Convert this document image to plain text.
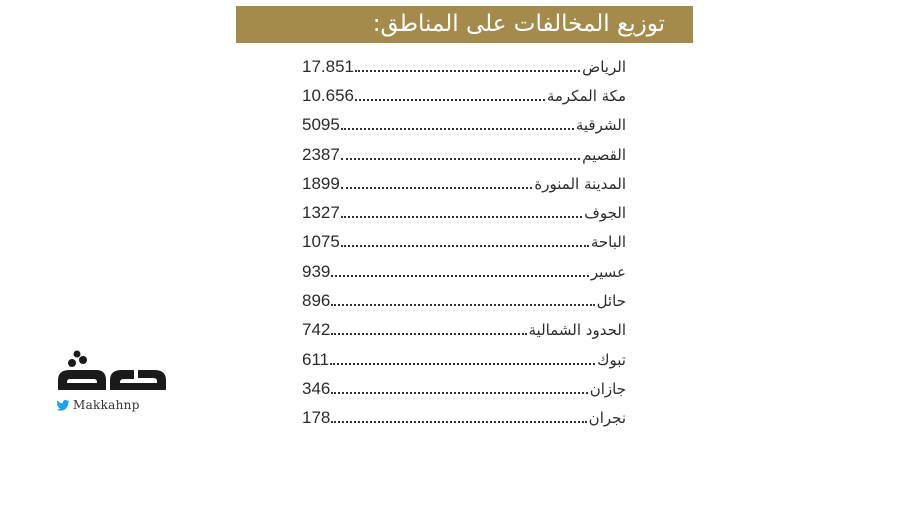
توزيع المخالفات على المناطق:
17.851	الرياض
10.656	مكة المكرمة
5095	الشرقية
2387	القصيم
1899	المدينة المنورة
1327	الجوف
1075	الباحة
939	عسير
896	حائل
742	الحدود الشمالية
611	تبوك
346	جازان
178	نجران
Makkahnp
